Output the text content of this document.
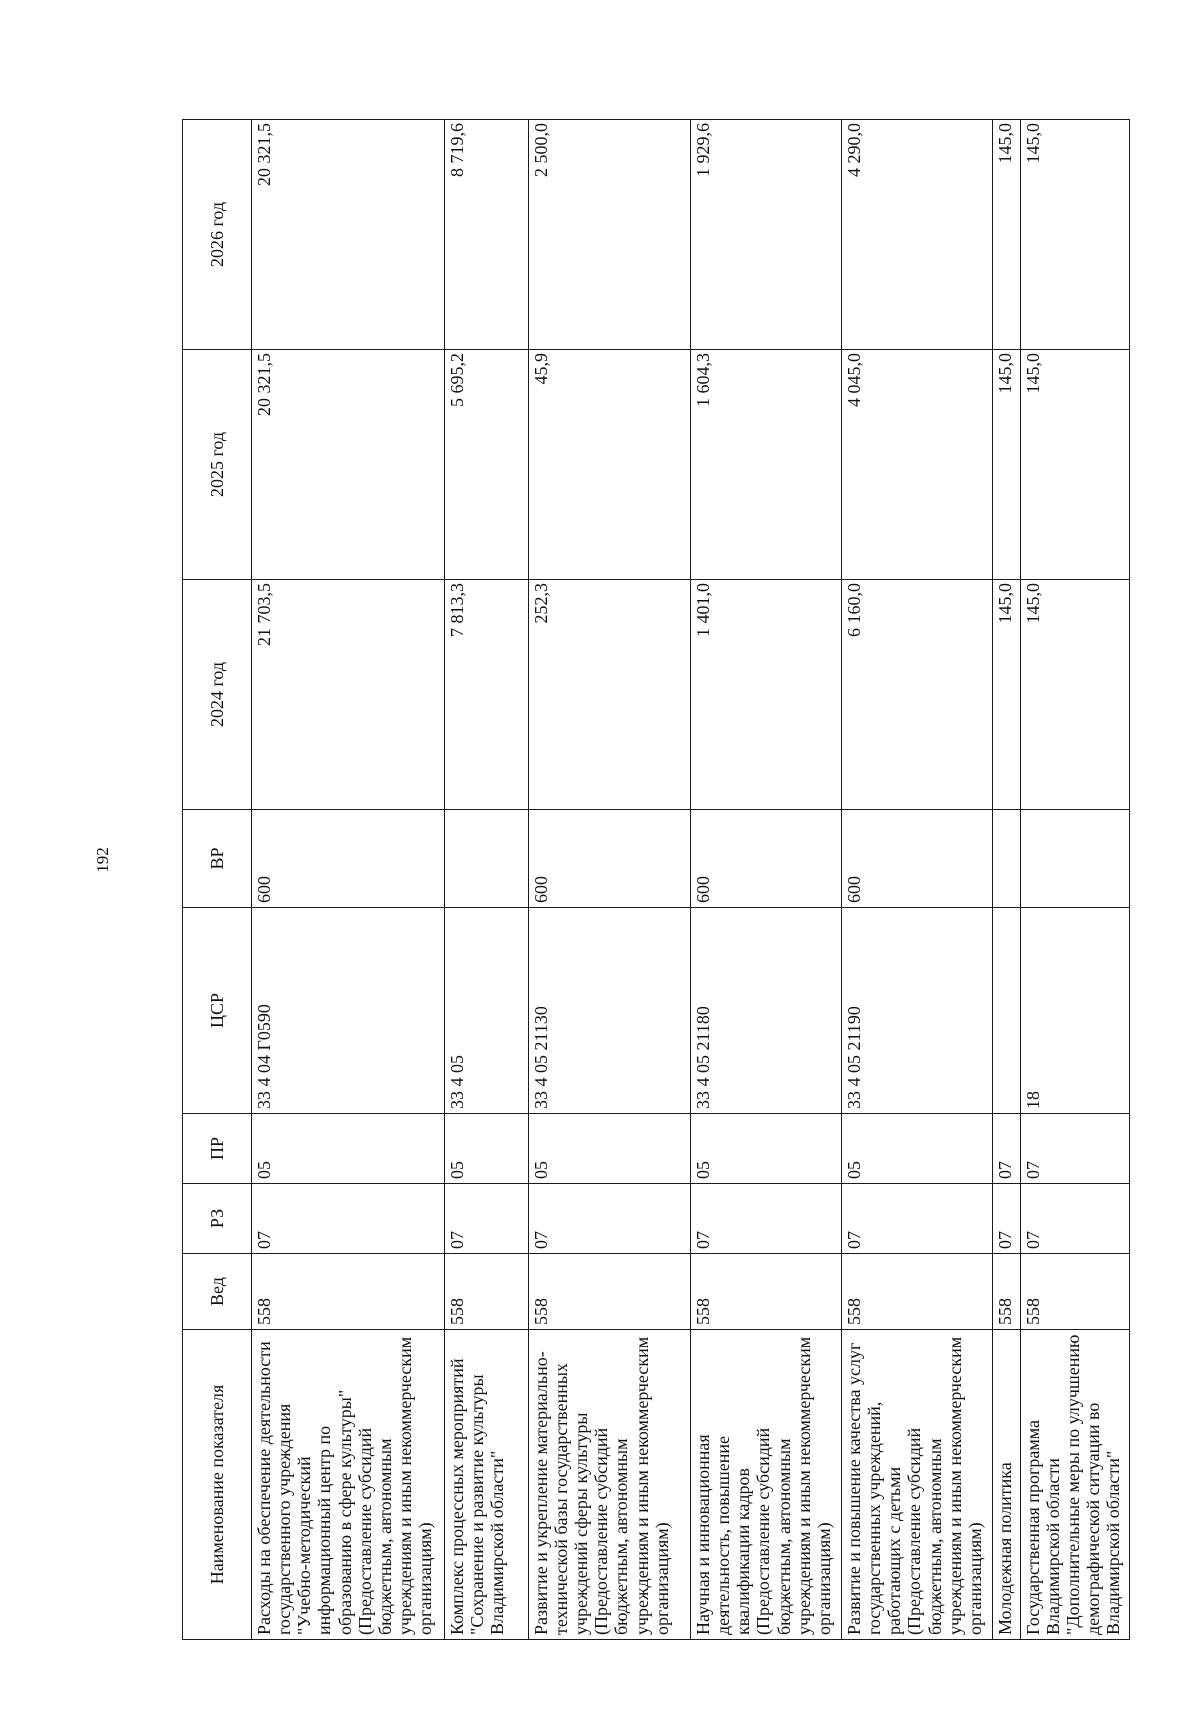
192
Наименование показателя	Вед	РЗ	ПР	ЦСР	ВР	2024 год	2025 год	2026 год
Расходы на обеспечение деятельности государственного учреждения "Учебно-методический информационный центр по образованию в сфере культуры" (Предоставление субсидий бюджетным, автономным учреждениям и иным некоммерческим организациям)	558	07	05	33 4 04 Г0590	600	21 703,5	20 321,5	20 321,5
Комплекс процессных мероприятий "Сохранение и развитие культуры Владимирской области"	558	07	05	33 4 05		7 813,3	5 695,2	8 719,6
Развитие и укрепление материально-технической базы государственных учреждений сферы культуры (Предоставление субсидий бюджетным, автономным учреждениям и иным некоммерческим организациям)	558	07	05	33 4 05 21130	600	252,3	45,9	2 500,0
Научная и инновационная деятельность, повышение квалификации кадров (Предоставление субсидий бюджетным, автономным учреждениям и иным некоммерческим организациям)	558	07	05	33 4 05 21180	600	1 401,0	1 604,3	1 929,6
Развитие и повышение качества услуг государственных учреждений, работающих с детьми (Предоставление субсидий бюджетным, автономным учреждениям и иным некоммерческим организациям)	558	07	05	33 4 05 21190	600	6 160,0	4 045,0	4 290,0
Молодежная политика	558	07	07			145,0	145,0	145,0
Государственная программа Владимирской области "Дополнительные меры по улучшению демографической ситуации во Владимирской области"	558	07	07	18		145,0	145,0	145,0
